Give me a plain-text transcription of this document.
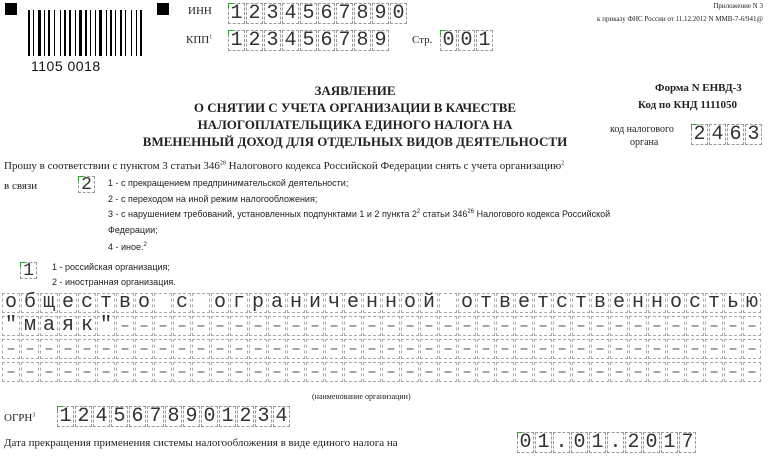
1105 0018
ИНН 1 2 3 4 5 6 7 8 9 0
КПП$^1$ 1 2 3 4 5 6 7 8 9 Стр. 0 0 1
Приложение N 3
к приказу ФНС России от 11.12.2012 N ММВ-7-6/941@
ЗАЯВЛЕНИЕ
О СНЯТИИ С УЧЕТА ОРГАНИЗАЦИИ В КАЧЕСТВЕ
НАЛОГОПЛАТЕЛЬЩИКА ЕДИНОГО НАЛОГА НА
ВМЕНЕННЫЙ ДОХОД ДЛЯ ОТДЕЛЬНЫХ ВИДОВ ДЕЯТЕЛЬНОСТИ
Форма N ЕНВД-3
Код по КНД 1111050
код налогового
органа 2 4 6 3
Прошу в соответствии с пунктом 3 статьи $346^{28}$ Налогового кодекса Российской Федерации снять с учета организацию$^2$
в связи 2	1 - с прекращением предпринимательской деятельности;
2 - с переходом на иной режим налогообложения;
3 - с нарушением требований, установленных подпунктами 1 и 2 пункта $2^2$ статьи $346^{26}$ Налогового кодекса Российской
Федерации;
4 - иное.$^2$
1	1 - российская организация;
2 - иностранная организация.
о б щ е с т в о с о г р а н и ч е н н о й о т в е т с т в е н н о с т ь ю
" м а я к " – – – – – – – – – – – – – – – – – – – – – – – – – – – – – – – – – –
– – – – – – – – – – – – – – – – – – – – – – – – – – – – – – – – – – – – – – – –
– – – – – – – – – – – – – – – – – – – – – – – – – – – – – – – – – – – – – – – –
(наименование организации)
ОГРН$^3$ 1 2 4 5 6 7 8 9 0 1 2 3 4
Дата прекращения применения системы налогообложения в виде единого налога на	0 1 . 0 1 . 2 0 1 7
